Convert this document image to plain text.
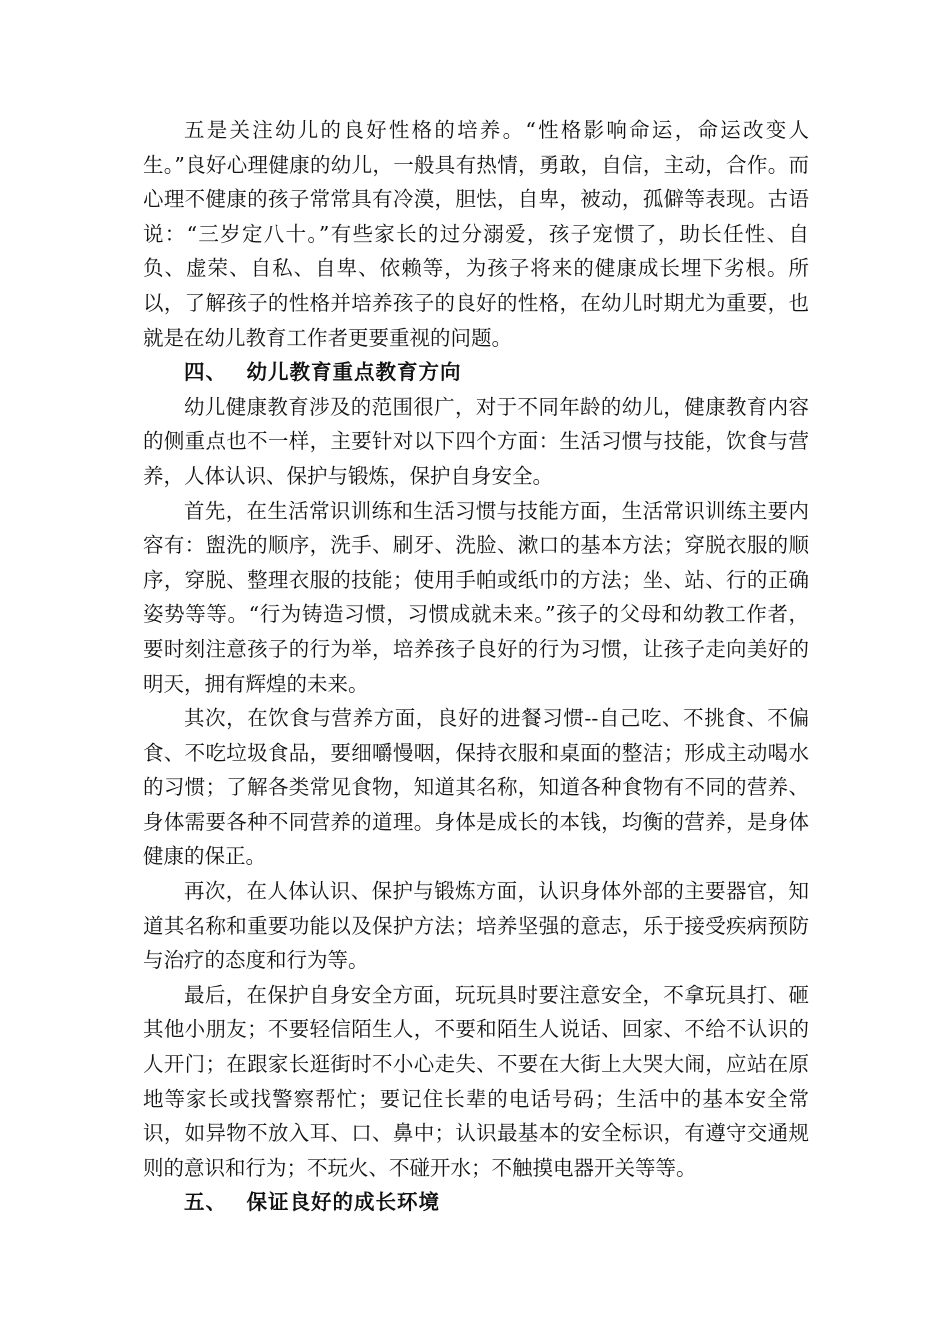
五是关注幼儿的良好性格的培养。“性格影响命运，命运改变人生。”良好心理健康的幼儿，一般具有热情，勇敢，自信，主动，合作。而心理不健康的孩子常常具有冷漠，胆怯，自卑，被动，孤僻等表现。古语说：“三岁定八十。”有些家长的过分溺爱，孩子宠惯了，助长任性、自负、虚荣、自私、自卑、依赖等，为孩子将来的健康成长埋下劣根。所以，了解孩子的性格并培养孩子的良好的性格，在幼儿时期尤为重要，也就是在幼儿教育工作者更要重视的问题。

四、 幼儿教育重点教育方向

幼儿健康教育涉及的范围很广，对于不同年龄的幼儿，健康教育内容的侧重点也不一样，主要针对以下四个方面：生活习惯与技能，饮食与营养，人体认识、保护与锻炼，保护自身安全。

首先，在生活常识训练和生活习惯与技能方面，生活常识训练主要内容有：盥洗的顺序，洗手、刷牙、洗脸、漱口的基本方法；穿脱衣服的顺序，穿脱、整理衣服的技能；使用手帕或纸巾的方法；坐、站、行的正确姿势等等。“行为铸造习惯，习惯成就未来。”孩子的父母和幼教工作者，要时刻注意孩子的行为举，培养孩子良好的行为习惯，让孩子走向美好的明天，拥有辉煌的未来。

其次，在饮食与营养方面，良好的进餐习惯--自己吃、不挑食、不偏食、不吃垃圾食品，要细嚼慢咽，保持衣服和桌面的整洁；形成主动喝水的习惯；了解各类常见食物，知道其名称，知道各种食物有不同的营养、身体需要各种不同营养的道理。身体是成长的本钱，均衡的营养，是身体健康的保正。

再次，在人体认识、保护与锻炼方面，认识身体外部的主要器官，知道其名称和重要功能以及保护方法；培养坚强的意志，乐于接受疾病预防与治疗的态度和行为等。

最后，在保护自身安全方面，玩玩具时要注意安全，不拿玩具打、砸其他小朋友；不要轻信陌生人，不要和陌生人说话、回家、不给不认识的人开门；在跟家长逛街时不小心走失、不要在大街上大哭大闹，应站在原地等家长或找警察帮忙；要记住长辈的电话号码；生活中的基本安全常识，如异物不放入耳、口、鼻中；认识最基本的安全标识，有遵守交通规则的意识和行为；不玩火、不碰开水；不触摸电器开关等等。

五、 保证良好的成长环境
